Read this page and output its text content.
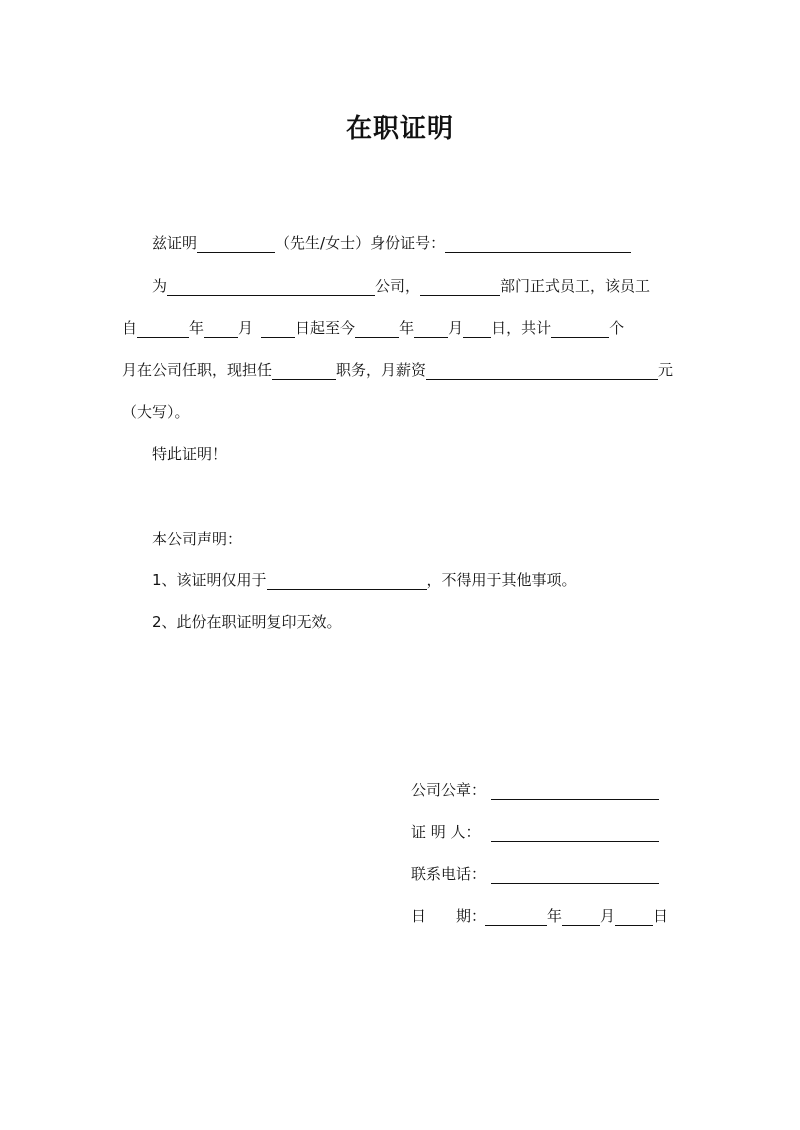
在职证明
兹证明	（先生/女士）身份证号：
为	公司，	部门正式员工，该员工
自	年 月	日起至今	年 月 日，共计	个
月在公司任职，现担任	职务，月薪资	元
（大写）。
特此证明！
本公司声明：
1、该证明仅用于	，不得用于其他事项。
2、此份在职证明复印无效。
公司公章：
证 明 人：
联系电话：
日　　期：	年	月	日
